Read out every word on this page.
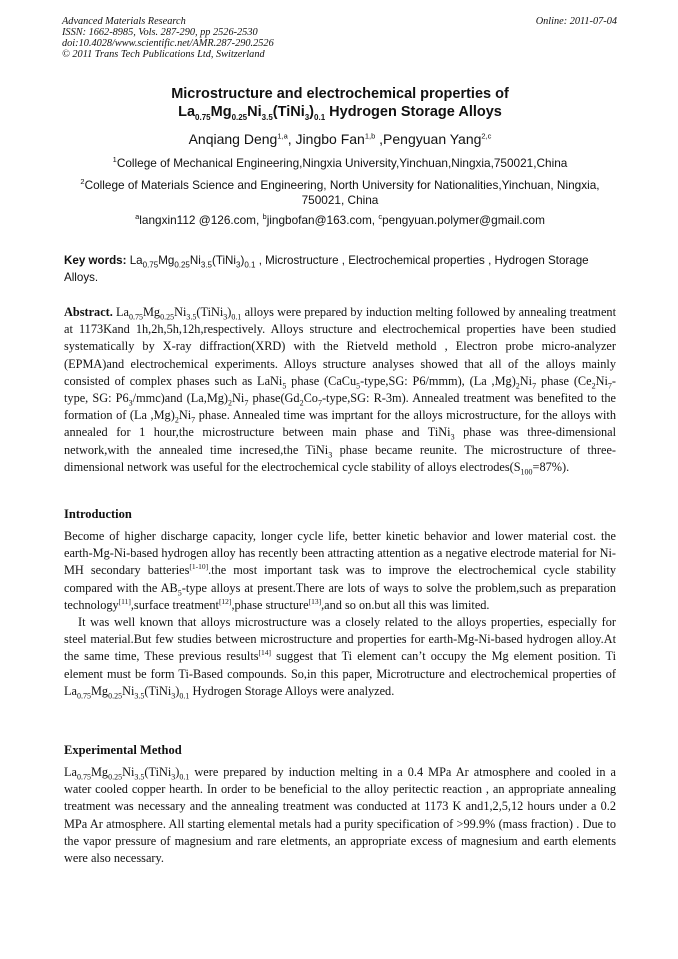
Advanced Materials Research
ISSN: 1662-8985, Vols. 287-290, pp 2526-2530
doi:10.4028/www.scientific.net/AMR.287-290.2526
© 2011 Trans Tech Publications Ltd, Switzerland
Online: 2011-07-04
Microstructure and electrochemical properties of
$La_{0.75}Mg_{0.25}Ni_{3.5}(TiNi_3)_{0.1}$ Hydrogen Storage Alloys
Anqiang Deng$^{1,a}$, Jingbo Fan$^{1,b}$ ,Pengyuan Yang$^{2,c}$
$^1$College of Mechanical Engineering,Ningxia University,Yinchuan,Ningxia,750021,China
$^2$College of Materials Science and Engineering, North University for Nationalities,Yinchuan, Ningxia, 750021, China
$^a$langxin112 @126.com, $^b$jingbofan@163.com, $^c$pengyuan.polymer@gmail.com
Key words: $La_{0.75}Mg_{0.25}Ni_{3.5}(TiNi_3)_{0.1}$ , Microstructure , Electrochemical properties , Hydrogen Storage Alloys.
Abstract. $La_{0.75}Mg_{0.25}Ni_{3.5}(TiNi_3)_{0.1}$ alloys were prepared by induction melting followed by annealing treatment at 1173Kand 1h,2h,5h,12h,respectively. Alloys structure and electrochemical properties have been studied systematically by X-ray diffraction(XRD) with the Rietveld methold , Electron probe micro-analyzer (EPMA)and electrochemical experiments. Alloys structure analyses showed that all of the alloys mainly consisted of complex phases such as LaNi$_5$ phase (CaCu$_5$-type,SG: P6/mmm), (La $,Mg)_2Ni_7$ phase ($Ce_2Ni_7$-type, SG: $P6_3/mmc)and$ $(La,Mg)_2Ni_7$ $phase(Gd_2Co_7-type,SG$: R-3m). Annealed treatment was benefited to the formation of (La $,Mg)_2Ni_7$ phase. Annealed time was imprtant for the alloys microstructure, for the alloys with annealed for 1 hour,the microstructure between main phase and TiNi$_3$ phase was three-dimensional network,with the annealed time incresed,the TiNi$_3$ phase became reunite. The microstructure of three-dimensional network was useful for the electrochemical cycle stability of alloys $electrodes(S_{100}=87\%)$.
Introduction
Become of higher discharge capacity, longer cycle life, better kinetic behavior and lower material cost. the earth-Mg-Ni-based hydrogen alloy has recently been attracting attention as a negative electrode material for Ni-MH secondary batteries[1-10].the most important task was to improve the electrochemical cycle stability compared with the $AB_5$-type alloys at present.There are lots of ways to solve the problem,such as preparation technology[11],surface treatment[12],phase structure[13],and so on.but all this was limited.
It was well known that alloys microstructure was a closely related to the alloys properties, especially for steel material.But few studies between microstructure and properties for earth-Mg-Ni-based hydrogen alloy.At the same time, These previous results[14] suggest that Ti element can’t occupy the Mg element position. Ti element must be form Ti-Based compounds. So,in this paper, Microtructure and electrochemical properties of $La_{0.75}Mg_{0.25}Ni_{3.5}(TiNi_3)_{0.1}$ Hydrogen Storage Alloys were analyzed.
Experimental Method
$La_{0.75}Mg_{0.25}Ni_{3.5}(TiNi_3)_{0.1}$ were prepared by induction melting in a 0.4 MPa Ar atmosphere and cooled in a water cooled copper hearth. In order to be beneficial to the alloy peritectic reaction , an appropriate annealing treatment was necessary and the annealing treatment was conducted at 1173 K and1,2,5,12 hours under a 0.2 MPa Ar atmosphere. All starting elemental metals had a purity specification of >99.9% (mass fraction) . Due to the vapor pressure of magnesium and rare eletments, an appropriate excess of magnesium and earth elements were also necessary.
